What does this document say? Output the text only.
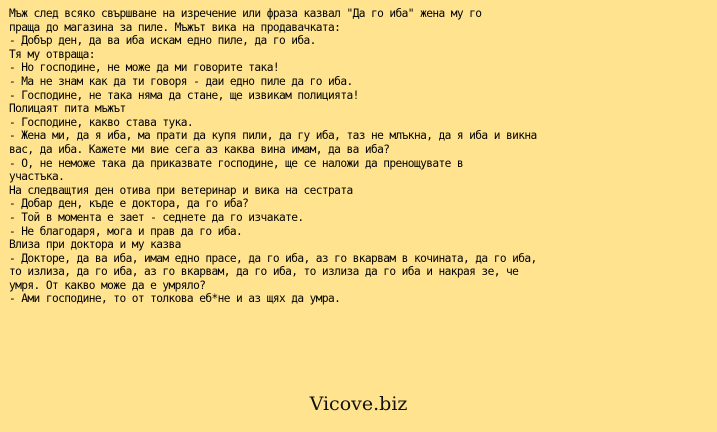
Мъж след всяко свършване на изречение или фраза казвал "Да го иба" жена му го
праща до магазина за пиле. Мъжът вика на продавачката:
- Добър ден, да ва иба искам едно пиле, да го иба.
Тя му отвраща:
- Но господине, не може да ми говорите така!
- Ма не знам как да ти говоря - даи едно пиле да го иба.
- Господине, не така няма да стане, ще извикам полицията!
Полицаят пита мъжът
- Господине, какво става тука.
- Жена ми, да я иба, ма прати да купя пили, да гу иба, таз не млъкна, да я иба и викна
вас, да иба. Кажете ми вие сега аз каква вина имам, да ва иба?
- О, не неможе така да приказвате господине, ще се наложи да пренощувате в
участъка.
На следващтия ден отива при ветеринар и вика на сестрата
- Добар ден, къде е доктора, да го иба?
- Той в момента е зает - седнете да го изчакате.
- Не благодаря, мога и прав да го иба.
Влиза при доктора и му казва
- Докторе, да ва иба, имам едно прасе, да го иба, аз го вкарвам в кочината, да го иба,
то излиза, да го иба, аз го вкарвам, да го иба, то излиза да го иба и накрая зе, че
умря. От какво може да е умряло?
- Ами господине, то от толкова еб*не и аз щях да умра.
Vicove.biz
